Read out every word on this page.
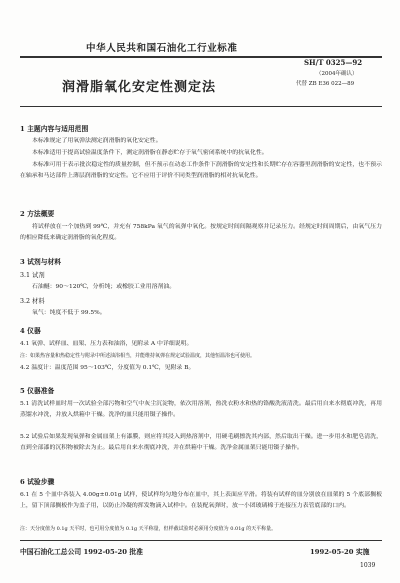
中华人民共和国石油化工行业标准
SH/T 0325—92
（2004年确认）
代替 ZB E36 022—89
润滑脂氧化安定性测定法
1 主题内容与适用范围
本标准规定了用氧弹法测定润滑脂的氧化安定性。
本标准适用于提高试验温度条件下，测定润滑脂在静态贮存于氧气密闭系统中的抗氧化性。
本标准可用于表示批次稳定性的质量控制，但不预示在动态工作条件下润滑脂的安定性和长期贮存在容器里润滑脂的安定性，也不预示在轴承和马达部件上薄层润滑脂的安定性。它不应用于评价不同类型润滑脂的相对抗氧化性。
2 方法概要
将试样放在一个加热到 99℃，并充有 758kPa 氧气的氧弹中氧化。按规定时间间隔观察并记录压力。经规定时间周期后，由氧气压力的相应降低来确定润滑脂的氧化程度。
3 试剂与材料
3.1 试剂
石油醚：90～120℃，分析纯；或橡胶工业用溶剂油。
3.2 材料
氧气：纯度不低于 99.5%。
4 仪器
4.1 氧弹、试样皿、皿架、压力表和油浴，见附录 A 中详细说明。
注：如果热容量和热稳定性与附录中所述油浴相当，并能维持氧弹在规定试验温度，其他恒温浴也可使用。
4.2 温度计：温度范围 95～103℃，分度值为 0.1℃，见附录 B。
5 仪器准备
5.1 清洗试样皿时用一次试验全部污物和空气中灰尘沉淀物，依次用溶剂，热洗衣粉水和热的铬酸洗液清洗。最后用自来水彻底冲洗，再用蒸馏水冲洗，并放入烘箱中干燥。洗净的皿只能用镊子操作。
5.2 试验后如果发现氧弹和金属皿架上有漆膜，则应将其浸入到热溶剂中，用硬毛刷擦洗其内部，然后取出干燥。进一步用水和肥皂清洗，直到全部漆的沉积物被除去为止。最后用自来水彻底冲洗，并在烘箱中干燥。洗净金属皿架只能用镊子操作。
6 试验步骤
6.1 在 5 个皿中各装入 4.00g±0.01g 试样，使试样均匀地分布在皿中，其上表面应平滑。将装有试样的皿分别放在皿架的 5 个底部搁板上，留下顶部搁板作为盖子用，以防止冷凝的挥发物滴入试样中。在装配氧弹时，放一小团玻璃棉于连接压力表管底部的口内。
注：天分度值为 0.1g 天平时，也可用分度值为 0.1g 天平称量，但样截试验时必须用分度值为 0.01g 的天平称量。
中国石油化工总公司 1992-05-20 批准	1992-05-20 实施
1039
